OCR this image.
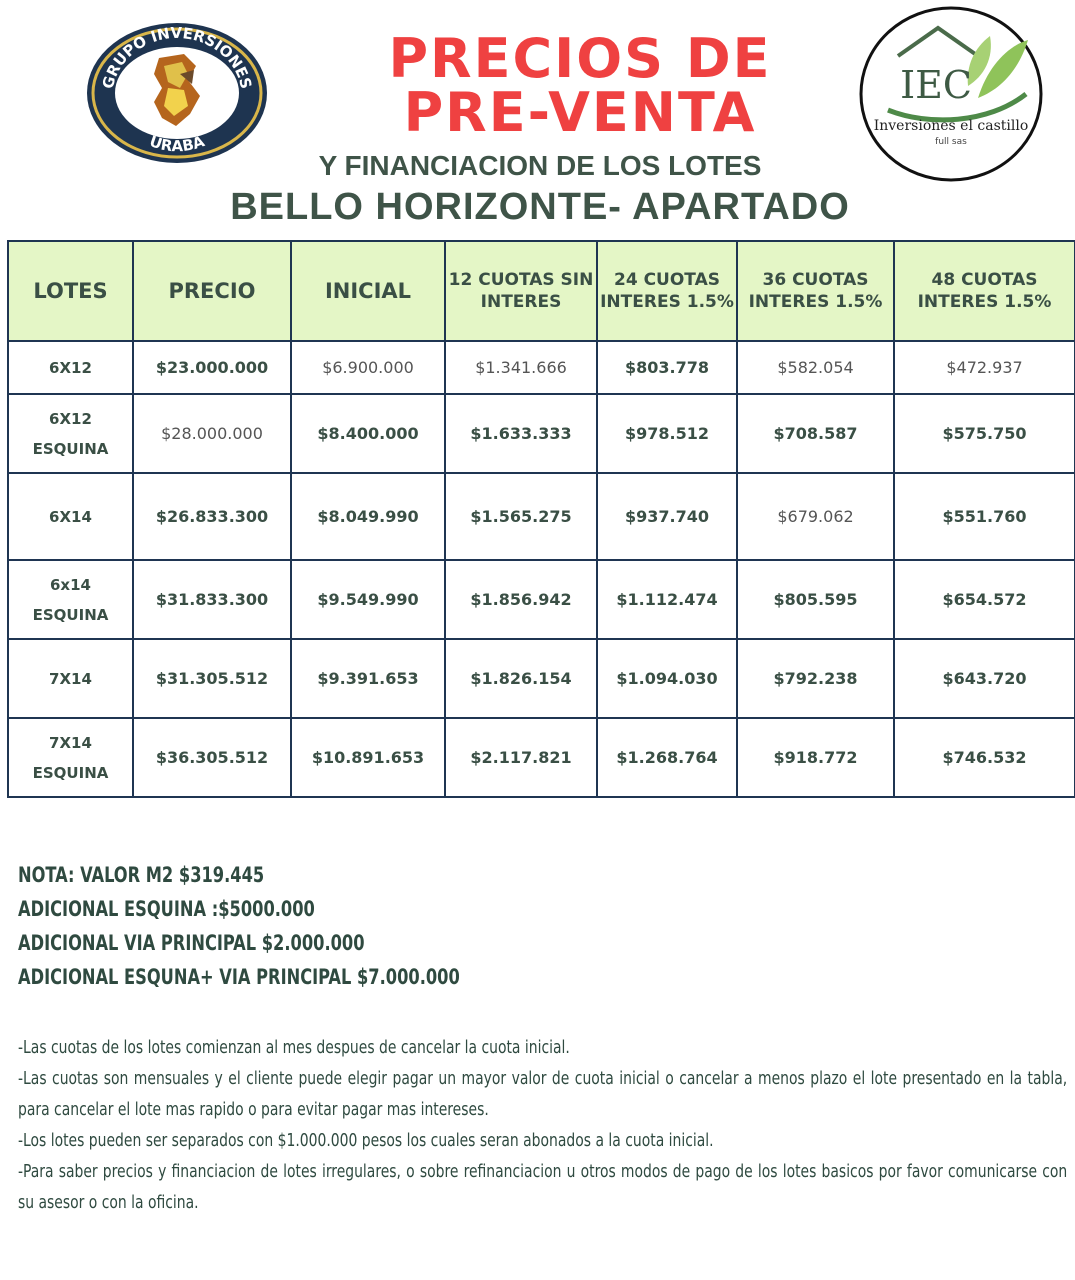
GRUPO INVERSIONES
URABÁ
IEC
Inversiones el castillo
full sas
PRECIOS DE
PRE-VENTA
Y FINANCIACION DE LOS LOTES
BELLO HORIZONTE- APARTADO
LOTES	PRECIO	INICIAL	12 CUOTAS SIN INTERES	24 CUOTAS INTERES 1.5%	36 CUOTAS INTERES 1.5%	48 CUOTAS INTERES 1.5%
6X12	$23.000.000	$6.900.000	$1.341.666	$803.778	$582.054	$472.937
6X12 ESQUINA	$28.000.000	$8.400.000	$1.633.333	$978.512	$708.587	$575.750
6X14	$26.833.300	$8.049.990	$1.565.275	$937.740	$679.062	$551.760
6x14 ESQUINA	$31.833.300	$9.549.990	$1.856.942	$1.112.474	$805.595	$654.572
7X14	$31.305.512	$9.391.653	$1.826.154	$1.094.030	$792.238	$643.720
7X14 ESQUINA	$36.305.512	$10.891.653	$2.117.821	$1.268.764	$918.772	$746.532
NOTA: VALOR M2 $319.445
ADICIONAL ESQUINA :$5000.000
ADICIONAL VIA PRINCIPAL $2.000.000
ADICIONAL ESQUNA+ VIA PRINCIPAL $7.000.000
-Las cuotas de los lotes comienzan al mes despues de cancelar la cuota inicial.
-Las cuotas son mensuales y el cliente puede elegir pagar un mayor valor de cuota inicial o cancelar a menos plazo el lote presentado en la tabla, para cancelar el lote mas rapido o para evitar pagar mas intereses.
-Los lotes pueden ser separados con $1.000.000 pesos los cuales seran abonados a la cuota inicial.
-Para saber precios y financiacion de lotes irregulares, o sobre refinanciacion u otros modos de pago de los lotes basicos por favor comunicarse con su asesor o con la oficina.
